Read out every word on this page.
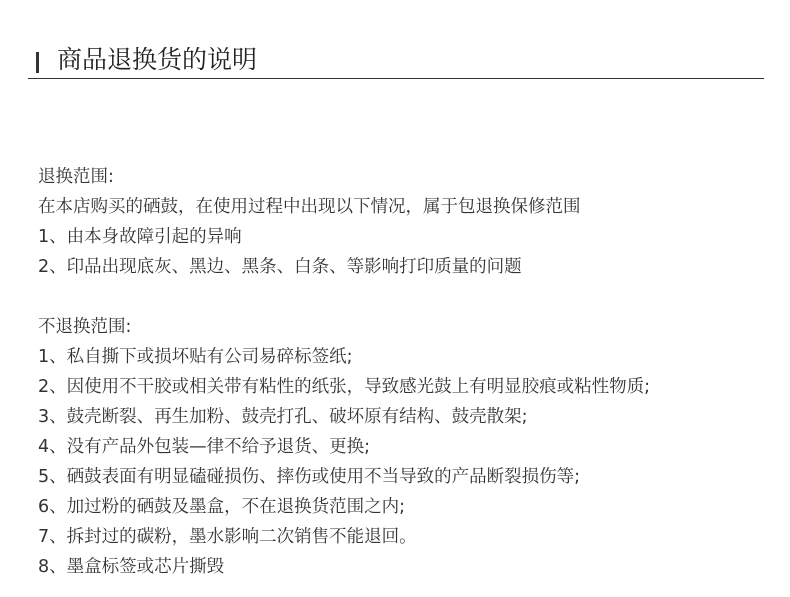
商品退换货的说明
退换范围:
在本店购买的硒鼓，在使用过程中出现以下情况，属于包退换保修范围
1、由本身故障引起的异响
2、印品出现底灰、黑边、黑条、白条、等影响打印质量的问题
不退换范围:
1、私自撕下或损坏贴有公司易碎标签纸;
2、因使用不干胶或相关带有粘性的纸张，导致感光鼓上有明显胶痕或粘性物质;
3、鼓壳断裂、再生加粉、鼓壳打孔、破坏原有结构、鼓壳散架;
4、没有产品外包装—律不给予退货、更换;
5、硒鼓表面有明显磕碰损伤、摔伤或使用不当导致的产品断裂损伤等;
6、加过粉的硒鼓及墨盒，不在退换货范围之内;
7、拆封过的碳粉，墨水影响二次销售不能退回。
8、墨盒标签或芯片撕毁
